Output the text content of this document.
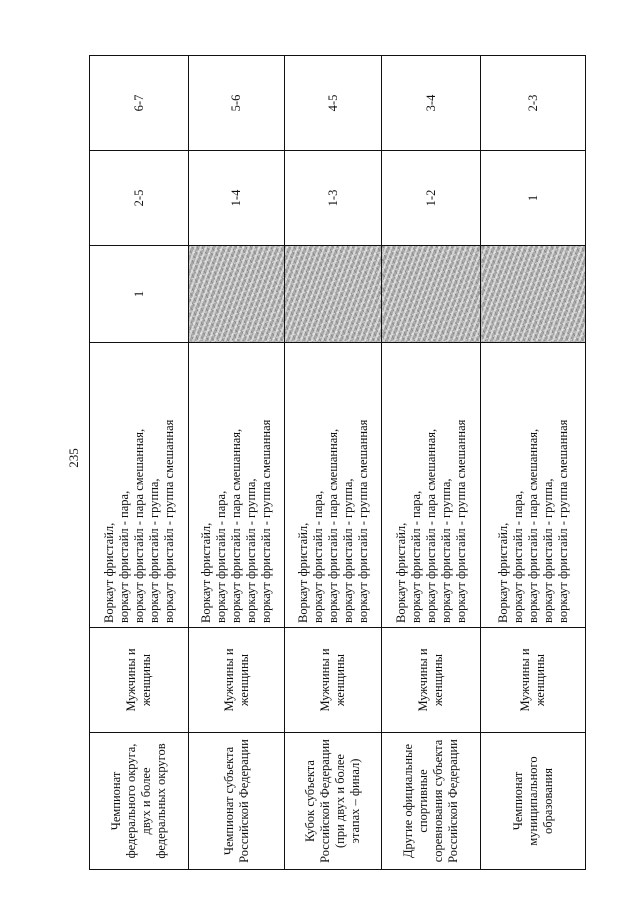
235
Чемпионат федерального округа, двух и более федеральных округов	Мужчины и женщины	Воркаут фристайл, воркаут фристайл - пара, воркаут фристайл - пара смешанная, воркаут фристайл - группа, воркаут фристайл - группа смешанная	1	2-5	6-7
Чемпионат субъекта Российской Федерации	Мужчины и женщины	Воркаут фристайл, воркаут фристайл - пара, воркаут фристайл - пара смешанная, воркаут фристайл - группа, воркаут фристайл - группа смешанная		1-4	5-6
Кубок субъекта Российской Федерации (при двух и более этапах – финал)	Мужчины и женщины	Воркаут фристайл, воркаут фристайл - пара, воркаут фристайл - пара смешанная, воркаут фристайл - группа, воркаут фристайл - группа смешанная		1-3	4-5
Другие официальные спортивные соревнования субъекта Российской Федерации	Мужчины и женщины	Воркаут фристайл, воркаут фристайл - пара, воркаут фристайл - пара смешанная, воркаут фристайл - группа, воркаут фристайл - группа смешанная		1-2	3-4
Чемпионат муниципального образования	Мужчины и женщины	Воркаут фристайл, воркаут фристайл - пара, воркаут фристайл - пара смешанная, воркаут фристайл - группа, воркаут фристайл - группа смешанная		1	2-3
